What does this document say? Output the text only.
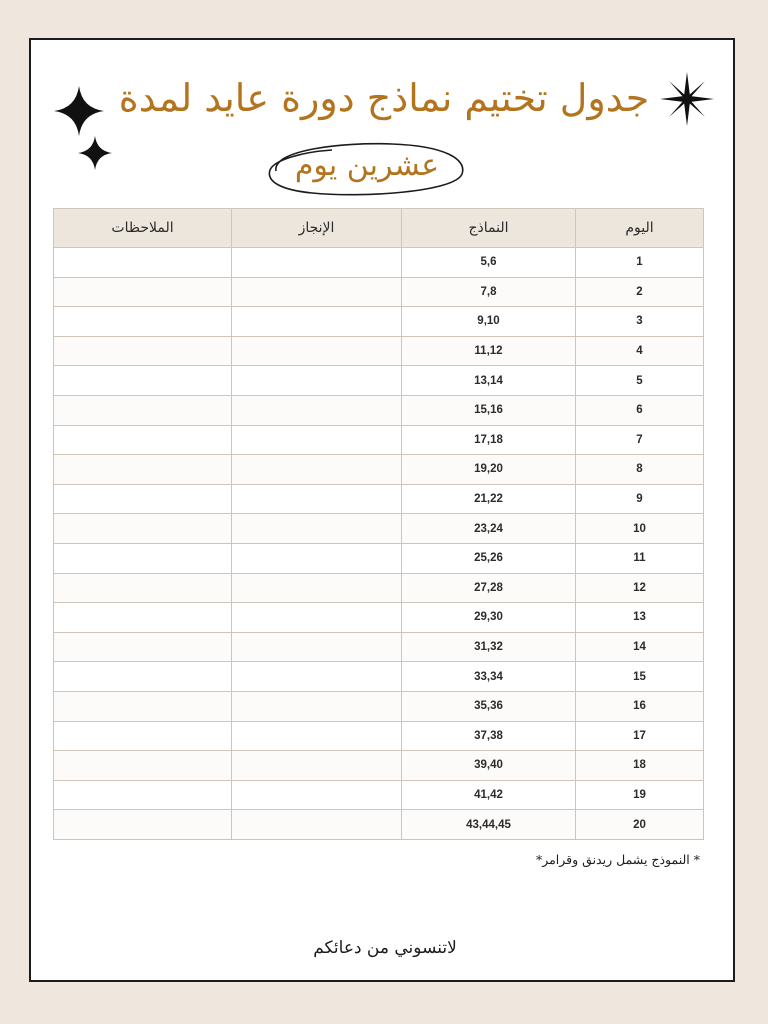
جدول تختيم نماذج دورة عايد لمدة
عشرين يوم
اليوم	النماذج	الإنجاز	الملاحظات
1	5,6		
2	7,8		
3	9,10		
4	11,12		
5	13,14		
6	15,16		
7	17,18		
8	19,20		
9	21,22		
10	23,24		
11	25,26		
12	27,28		
13	29,30		
14	31,32		
15	33,34		
16	35,36		
17	37,38		
18	39,40		
19	41,42		
20	43,44,45		
* النموذج يشمل ريدنق وقرامر*
لاتنسوني من دعائكم
